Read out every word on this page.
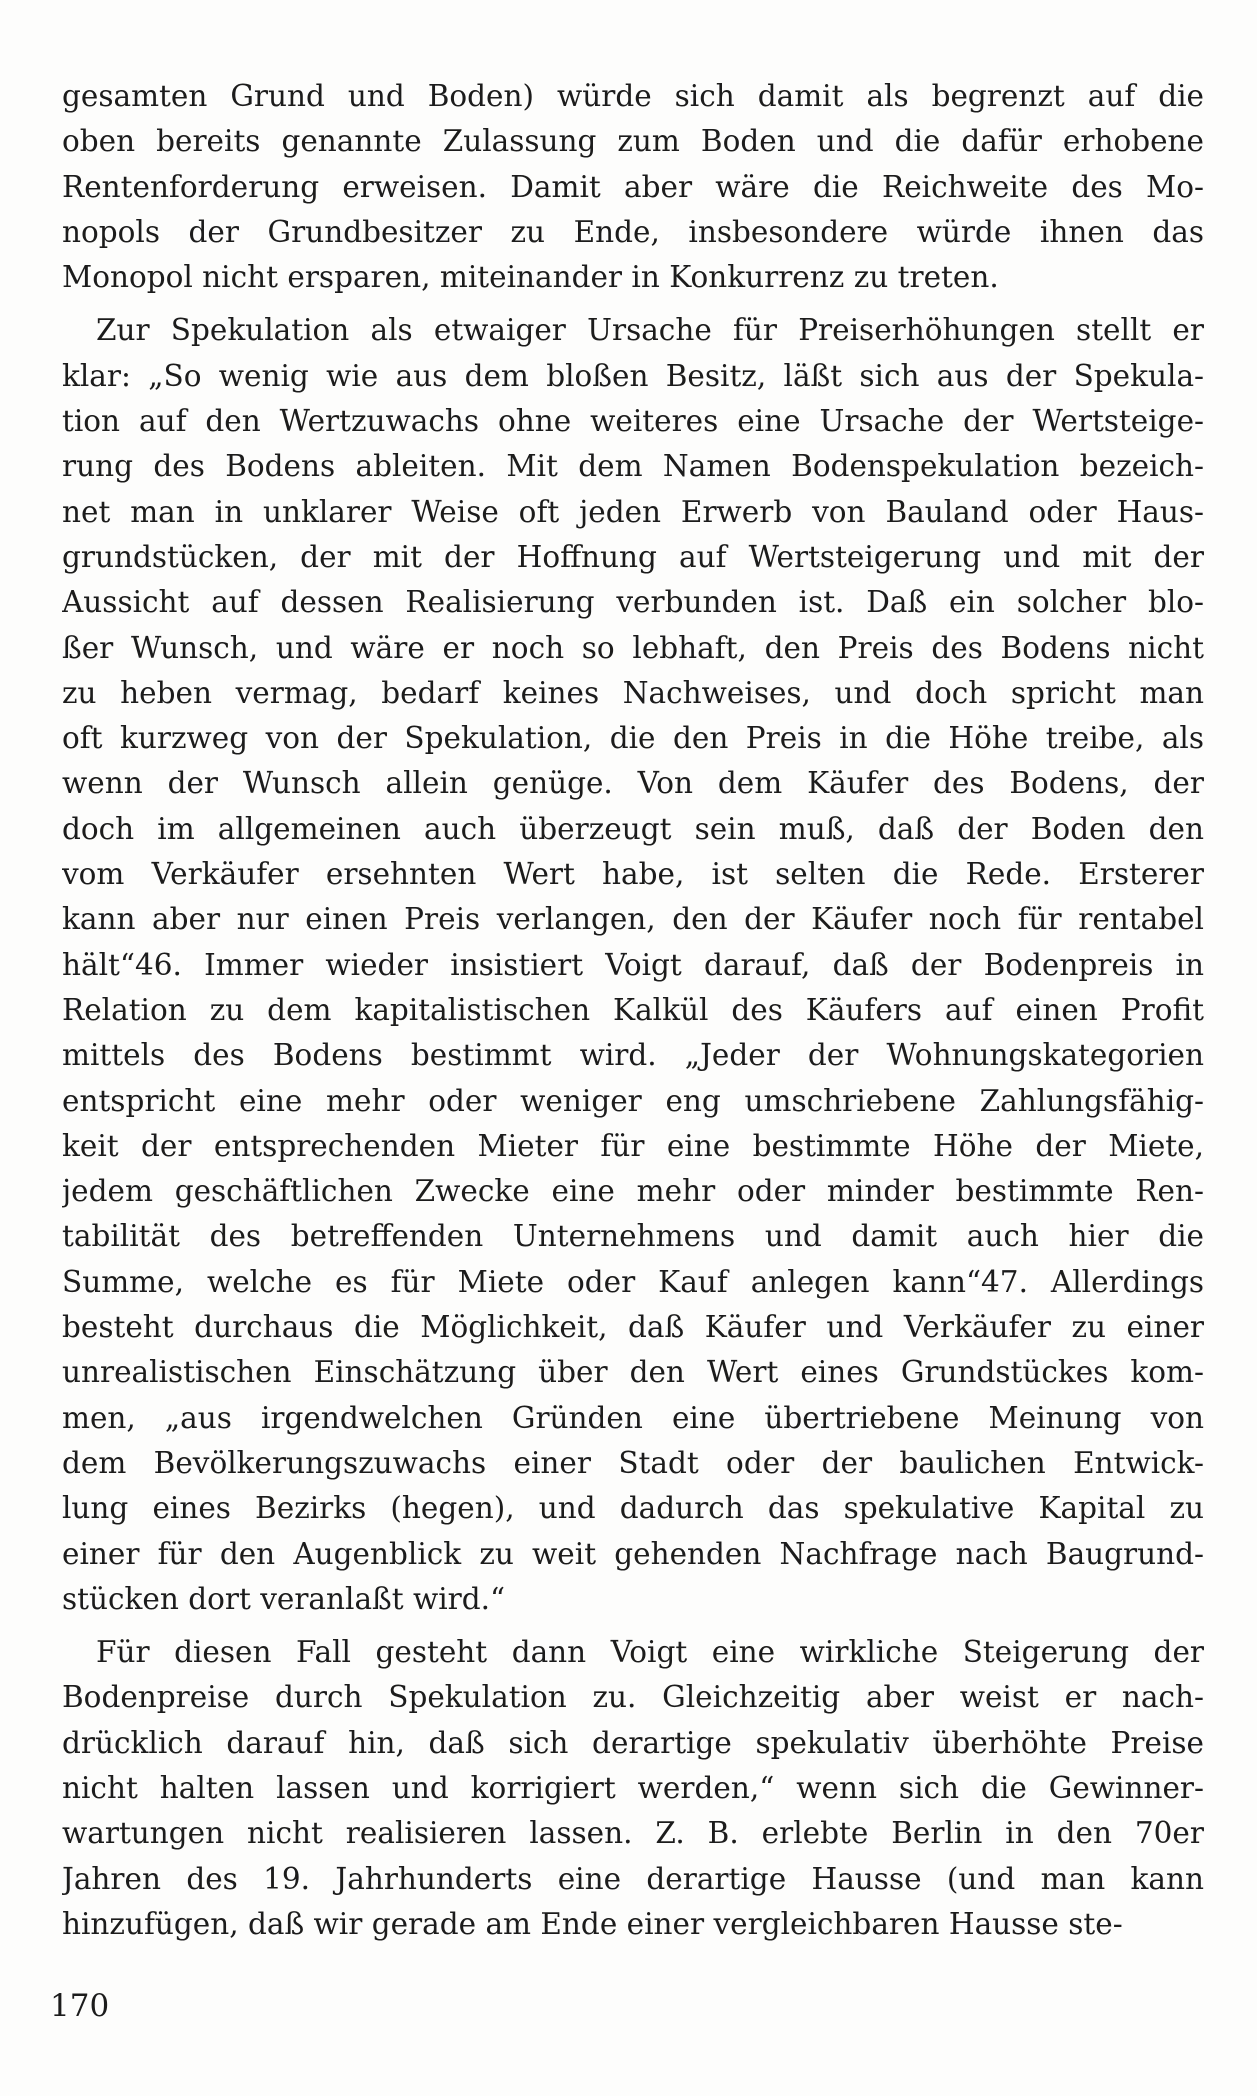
gesamten Grund und Boden) würde sich damit als begrenzt auf die
oben bereits genannte Zulassung zum Boden und die dafür erhobene
Rentenforderung erweisen. Damit aber wäre die Reichweite des Mo-
nopols der Grundbesitzer zu Ende, insbesondere würde ihnen das
Monopol nicht ersparen, miteinander in Konkurrenz zu treten.
Zur Spekulation als etwaiger Ursache für Preiserhöhungen stellt er
klar: „So wenig wie aus dem bloßen Besitz, läßt sich aus der Spekula-
tion auf den Wertzuwachs ohne weiteres eine Ursache der Wertsteige-
rung des Bodens ableiten. Mit dem Namen Bodenspekulation bezeich-
net man in unklarer Weise oft jeden Erwerb von Bauland oder Haus-
grundstücken, der mit der Hoffnung auf Wertsteigerung und mit der
Aussicht auf dessen Realisierung verbunden ist. Daß ein solcher blo-
ßer Wunsch, und wäre er noch so lebhaft, den Preis des Bodens nicht
zu heben vermag, bedarf keines Nachweises, und doch spricht man
oft kurzweg von der Spekulation, die den Preis in die Höhe treibe, als
wenn der Wunsch allein genüge. Von dem Käufer des Bodens, der
doch im allgemeinen auch überzeugt sein muß, daß der Boden den
vom Verkäufer ersehnten Wert habe, ist selten die Rede. Ersterer
kann aber nur einen Preis verlangen, den der Käufer noch für rentabel
hält“46. Immer wieder insistiert Voigt darauf, daß der Bodenpreis in
Relation zu dem kapitalistischen Kalkül des Käufers auf einen Profit
mittels des Bodens bestimmt wird. „Jeder der Wohnungskategorien
entspricht eine mehr oder weniger eng umschriebene Zahlungsfähig-
keit der entsprechenden Mieter für eine bestimmte Höhe der Miete,
jedem geschäftlichen Zwecke eine mehr oder minder bestimmte Ren-
tabilität des betreffenden Unternehmens und damit auch hier die
Summe, welche es für Miete oder Kauf anlegen kann“47. Allerdings
besteht durchaus die Möglichkeit, daß Käufer und Verkäufer zu einer
unrealistischen Einschätzung über den Wert eines Grundstückes kom-
men, „aus irgendwelchen Gründen eine übertriebene Meinung von
dem Bevölkerungszuwachs einer Stadt oder der baulichen Entwick-
lung eines Bezirks (hegen), und dadurch das spekulative Kapital zu
einer für den Augenblick zu weit gehenden Nachfrage nach Baugrund-
stücken dort veranlaßt wird.“
Für diesen Fall gesteht dann Voigt eine wirkliche Steigerung der
Bodenpreise durch Spekulation zu. Gleichzeitig aber weist er nach-
drücklich darauf hin, daß sich derartige spekulativ überhöhte Preise
nicht halten lassen und korrigiert werden,“ wenn sich die Gewinner-
wartungen nicht realisieren lassen. Z. B. erlebte Berlin in den 70er
Jahren des 19. Jahrhunderts eine derartige Hausse (und man kann
hinzufügen, daß wir gerade am Ende einer vergleichbaren Hausse ste-
170
